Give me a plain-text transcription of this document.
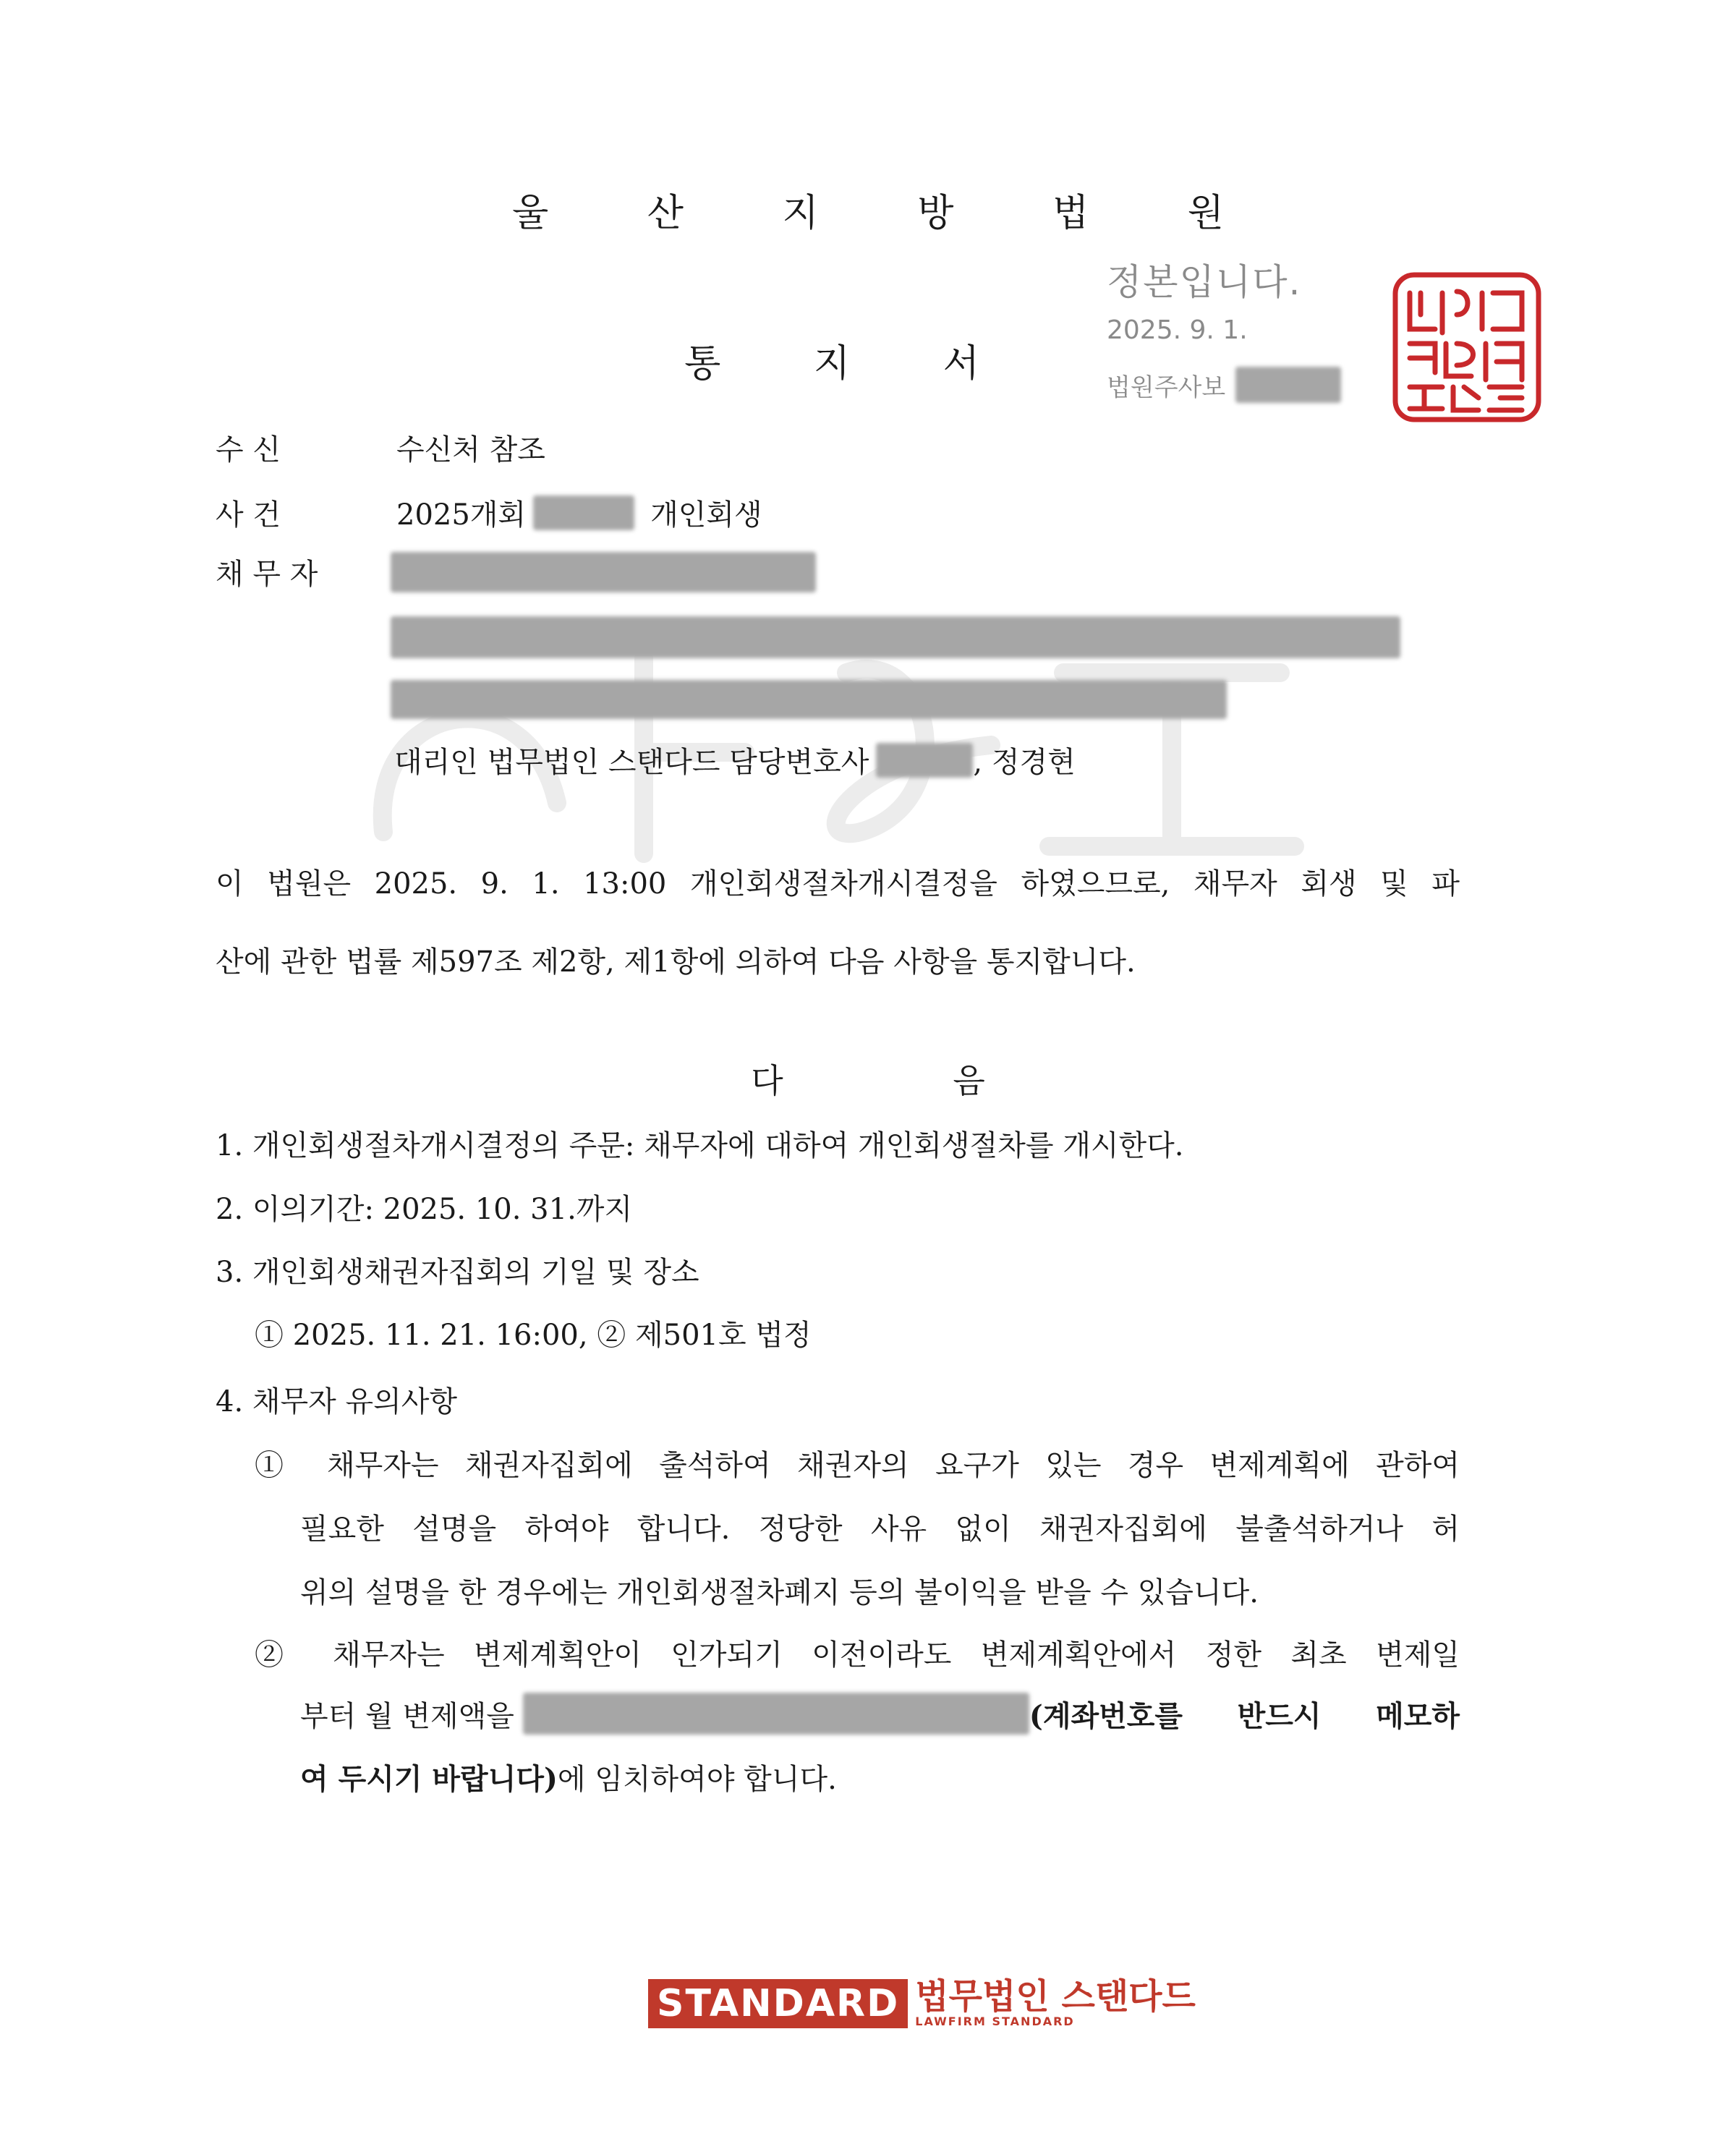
울 산 지 방 법 원
정본입니다.
2025. 9. 1.
법원주사보
통 지 서
수 신	수신처 참조
사 건	2025개회	개인회생
채 무 자
대리인 법무법인 스탠다드 담당변호사	, 정경현
이 법원은 2025. 9. 1. 13:00 개인회생절차개시결정을 하였으므로, 채무자 회생 및 파
산에 관한 법률 제597조 제2항, 제1항에 의하여 다음 사항을 통지합니다.
다	음
1. 개인회생절차개시결정의 주문: 채무자에 대하여 개인회생절차를 개시한다.
2. 이의기간: 2025. 10. 31.까지
3. 개인회생채권자집회의 기일 및 장소
① 2025. 11. 21. 16:00, ② 제501호 법정
4. 채무자 유의사항
① 채무자는 채권자집회에 출석하여 채권자의 요구가 있는 경우 변제계획에 관하여
필요한 설명을 하여야 합니다. 정당한 사유 없이 채권자집회에 불출석하거나 허
위의 설명을 한 경우에는 개인회생절차폐지 등의 불이익을 받을 수 있습니다.
② 채무자는 변제계획안이 인가되기 이전이라도 변제계획안에서 정한 최초 변제일
부터 월 변제액을	(계좌번호를 반드시 메모하
여 두시기 바랍니다)에 임치하여야 합니다.
STANDARD 법무법인 스탠다드
LAWFIRM STANDARD
